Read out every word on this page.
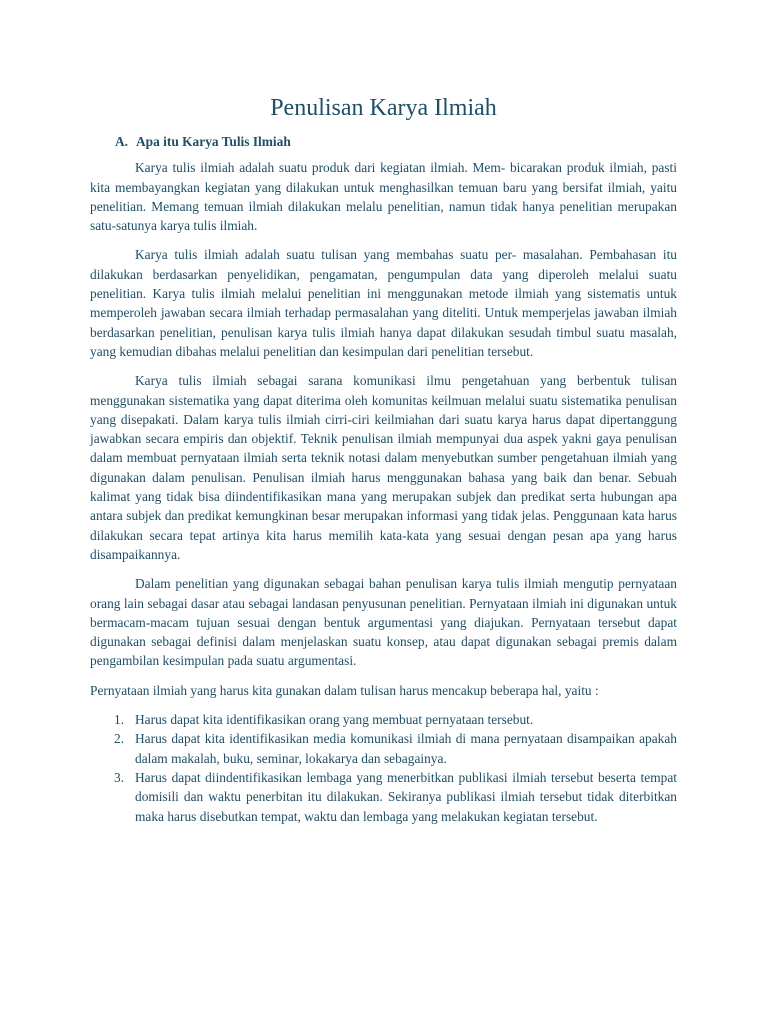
Penulisan Karya Ilmiah
A. Apa itu Karya Tulis Ilmiah

Karya tulis ilmiah adalah suatu produk dari kegiatan ilmiah. Mem- bicarakan produk ilmiah, pasti kita membayangkan kegiatan yang dilakukan untuk menghasilkan temuan baru yang bersifat ilmiah, yaitu penelitian. Memang temuan ilmiah dilakukan melalu penelitian, namun tidak hanya penelitian merupakan satu-satunya karya tulis ilmiah.

Karya tulis ilmiah adalah suatu tulisan yang membahas suatu per- masalahan. Pembahasan itu dilakukan berdasarkan penyelidikan, pengamatan, pengumpulan data yang diperoleh melalui suatu penelitian. Karya tulis ilmiah melalui penelitian ini menggunakan metode ilmiah yang sistematis untuk memperoleh jawaban secara ilmiah terhadap permasalahan yang diteliti. Untuk memperjelas jawaban ilmiah berdasarkan penelitian, penulisan karya tulis ilmiah hanya dapat dilakukan sesudah timbul suatu masalah, yang kemudian dibahas melalui penelitian dan kesimpulan dari penelitian tersebut.

Karya tulis ilmiah sebagai sarana komunikasi ilmu pengetahuan yang berbentuk tulisan menggunakan sistematika yang dapat diterima oleh komunitas keilmuan melalui suatu sistematika penulisan yang disepakati. Dalam karya tulis ilmiah cirri-ciri keilmiahan dari suatu karya harus dapat dipertanggung jawabkan secara empiris dan objektif. Teknik penulisan ilmiah mempunyai dua aspek yakni gaya penulisan dalam membuat pernyataan ilmiah serta teknik notasi dalam menyebutkan sumber pengetahuan ilmiah yang digunakan dalam penulisan. Penulisan ilmiah harus menggunakan bahasa yang baik dan benar. Sebuah kalimat yang tidak bisa diindentifikasikan mana yang merupakan subjek dan predikat serta hubungan apa antara subjek dan predikat kemungkinan besar merupakan informasi yang tidak jelas. Penggunaan kata harus dilakukan secara tepat artinya kita harus memilih kata-kata yang sesuai dengan pesan apa yang harus disampaikannya.

Dalam penelitian yang digunakan sebagai bahan penulisan karya tulis ilmiah mengutip pernyataan orang lain sebagai dasar atau sebagai landasan penyusunan penelitian. Pernyataan ilmiah ini digunakan untuk bermacam-macam tujuan sesuai dengan bentuk argumentasi yang diajukan. Pernyataan tersebut dapat digunakan sebagai definisi dalam menjelaskan suatu konsep, atau dapat digunakan sebagai premis dalam pengambilan kesimpulan pada suatu argumentasi.

Pernyataan ilmiah yang harus kita gunakan dalam tulisan harus mencakup beberapa hal, yaitu :

1. Harus dapat kita identifikasikan orang yang membuat pernyataan tersebut.
2. Harus dapat kita identifikasikan media komunikasi ilmiah di mana pernyataan disampaikan apakah dalam makalah, buku, seminar, lokakarya dan sebagainya.
3. Harus dapat diindentifikasikan lembaga yang menerbitkan publikasi ilmiah tersebut beserta tempat domisili dan waktu penerbitan itu dilakukan. Sekiranya publikasi ilmiah tersebut tidak diterbitkan maka harus disebutkan tempat, waktu dan lembaga yang melakukan kegiatan tersebut.
